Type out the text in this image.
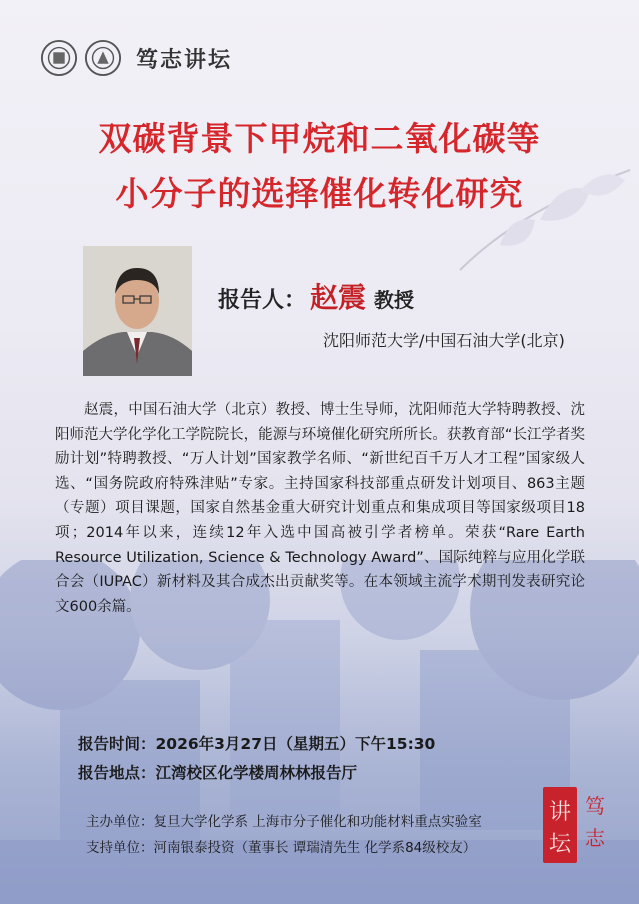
笃志讲坛
双碳背景下甲烷和二氧化碳等
小分子的选择催化转化研究
报告人： 赵震 教授
沈阳师范大学/中国石油大学(北京)

赵震，中国石油大学（北京）教授、博士生导师，沈阳师范大学特聘教授、沈阳师范大学化学化工学院院长，能源与环境催化研究所所长。获教育部“长江学者奖励计划”特聘教授、“万人计划”国家教学名师、“新世纪百千万人才工程”国家级人选、“国务院政府特殊津贴”专家。主持国家科技部重点研发计划项目、863主题（专题）项目课题，国家自然基金重大研究计划重点和集成项目等国家级项目18项；2014年以来，连续12年入选中国高被引学者榜单。荣获“Rare Earth Resource Utilization, Science & Technology Award”、国际纯粹与应用化学联合会（IUPAC）新材料及其合成杰出贡献奖等。在本领域主流学术期刊发表研究论文600余篇。

报告时间：2026年3月27日（星期五）下午15:30
报告地点：江湾校区化学楼周林林报告厅
主办单位：复旦大学化学系 上海市分子催化和功能材料重点实验室
支持单位：河南银泰投资（董事长 谭瑞清先生 化学系84级校友）
讲
坛
笃
志
